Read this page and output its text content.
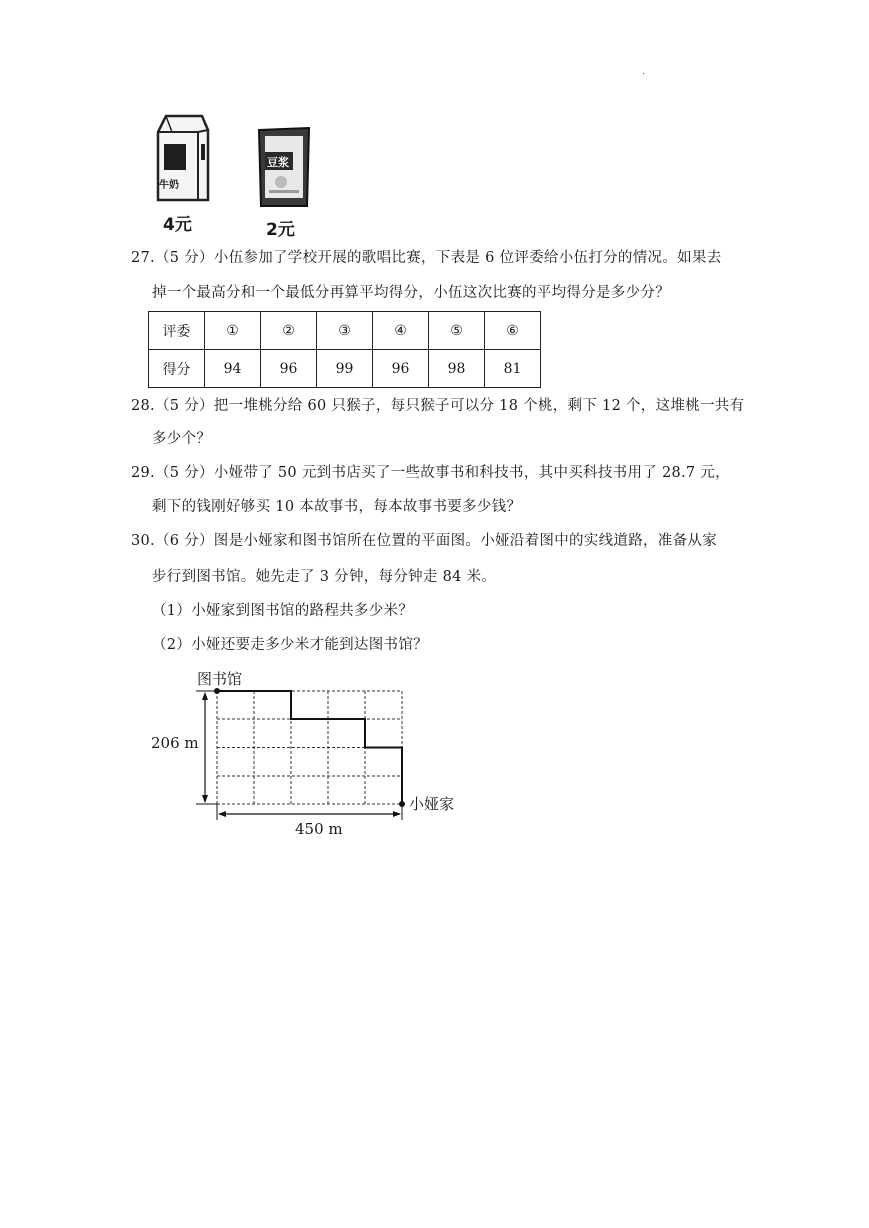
.
牛奶
4元
豆浆
2元
27.（5 分）小伍参加了学校开展的歌唱比赛，下表是 6 位评委给小伍打分的情况。如果去
掉一个最高分和一个最低分再算平均得分，小伍这次比赛的平均得分是多少分？
评委	①	②	③	④	⑤	⑥
得分	94	96	99	96	98	81
28.（5 分）把一堆桃分给 60 只猴子，每只猴子可以分 18 个桃，剩下 12 个，这堆桃一共有
多少个？
29.（5 分）小娅带了 50 元到书店买了一些故事书和科技书，其中买科技书用了 28.7 元，
剩下的钱刚好够买 10 本故事书，每本故事书要多少钱？
30.（6 分）图是小娅家和图书馆所在位置的平面图。小娅沿着图中的实线道路，准备从家
步行到图书馆。她先走了 3 分钟，每分钟走 84 米。
（1）小娅家到图书馆的路程共多少米？
（2）小娅还要走多少米才能到达图书馆？
图书馆
小娅家
206 m
450 m
